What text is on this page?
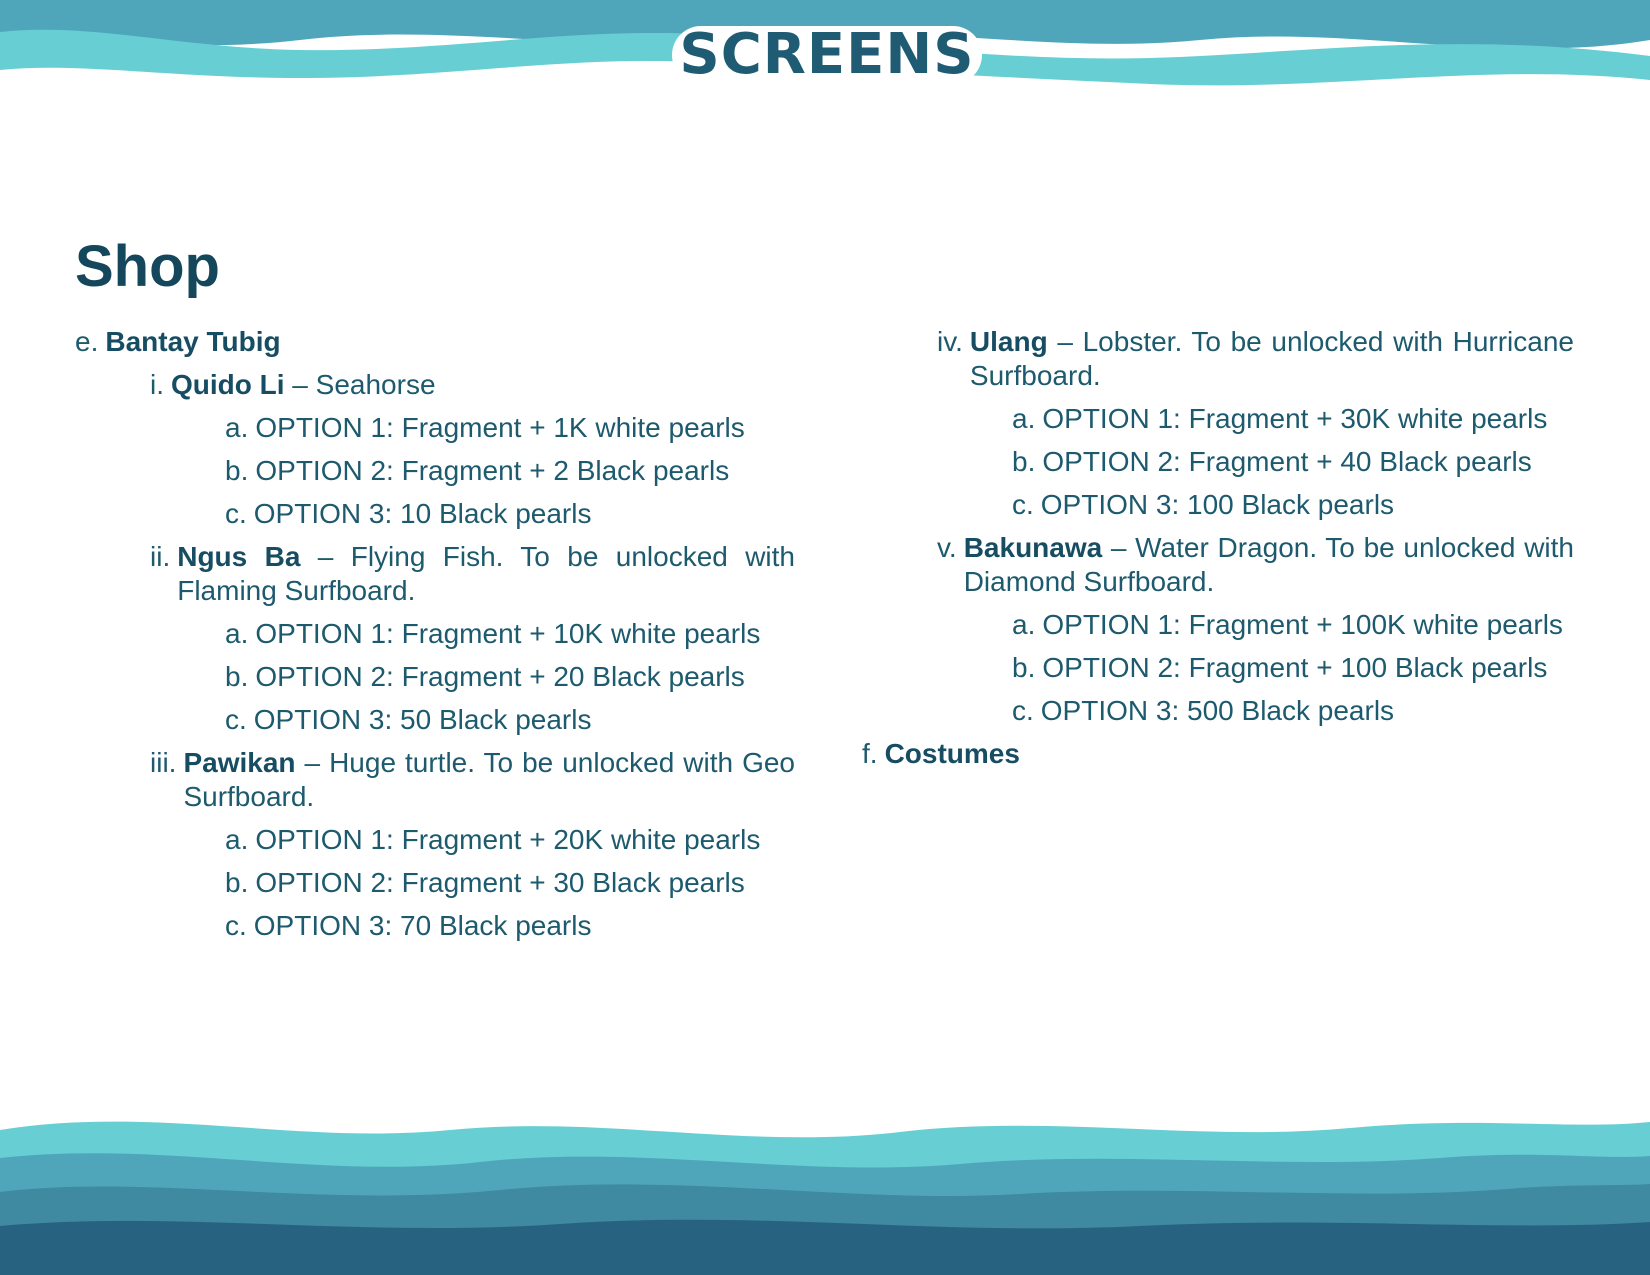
SCREENS
Shop
e. Bantay Tubig
i. Quido Li – Seahorse
a. OPTION 1: Fragment + 1K white pearls
b. OPTION 2: Fragment + 2 Black pearls
c. OPTION 3: 10 Black pearls
ii. Ngus Ba – Flying Fish. To be unlocked with Flaming Surfboard.
a. OPTION 1: Fragment + 10K white pearls
b. OPTION 2: Fragment + 20 Black pearls
c. OPTION 3: 50 Black pearls
iii. Pawikan – Huge turtle. To be unlocked with Geo Surfboard.
a. OPTION 1: Fragment + 20K white pearls
b. OPTION 2: Fragment + 30 Black pearls
c. OPTION 3: 70 Black pearls
iv. Ulang – Lobster. To be unlocked with Hurricane Surfboard.
a. OPTION 1: Fragment + 30K white pearls
b. OPTION 2: Fragment + 40 Black pearls
c. OPTION 3: 100 Black pearls
v. Bakunawa – Water Dragon. To be unlocked with Diamond Surfboard.
a. OPTION 1: Fragment + 100K white pearls
b. OPTION 2: Fragment + 100 Black pearls
c. OPTION 3: 500 Black pearls
f. Costumes
